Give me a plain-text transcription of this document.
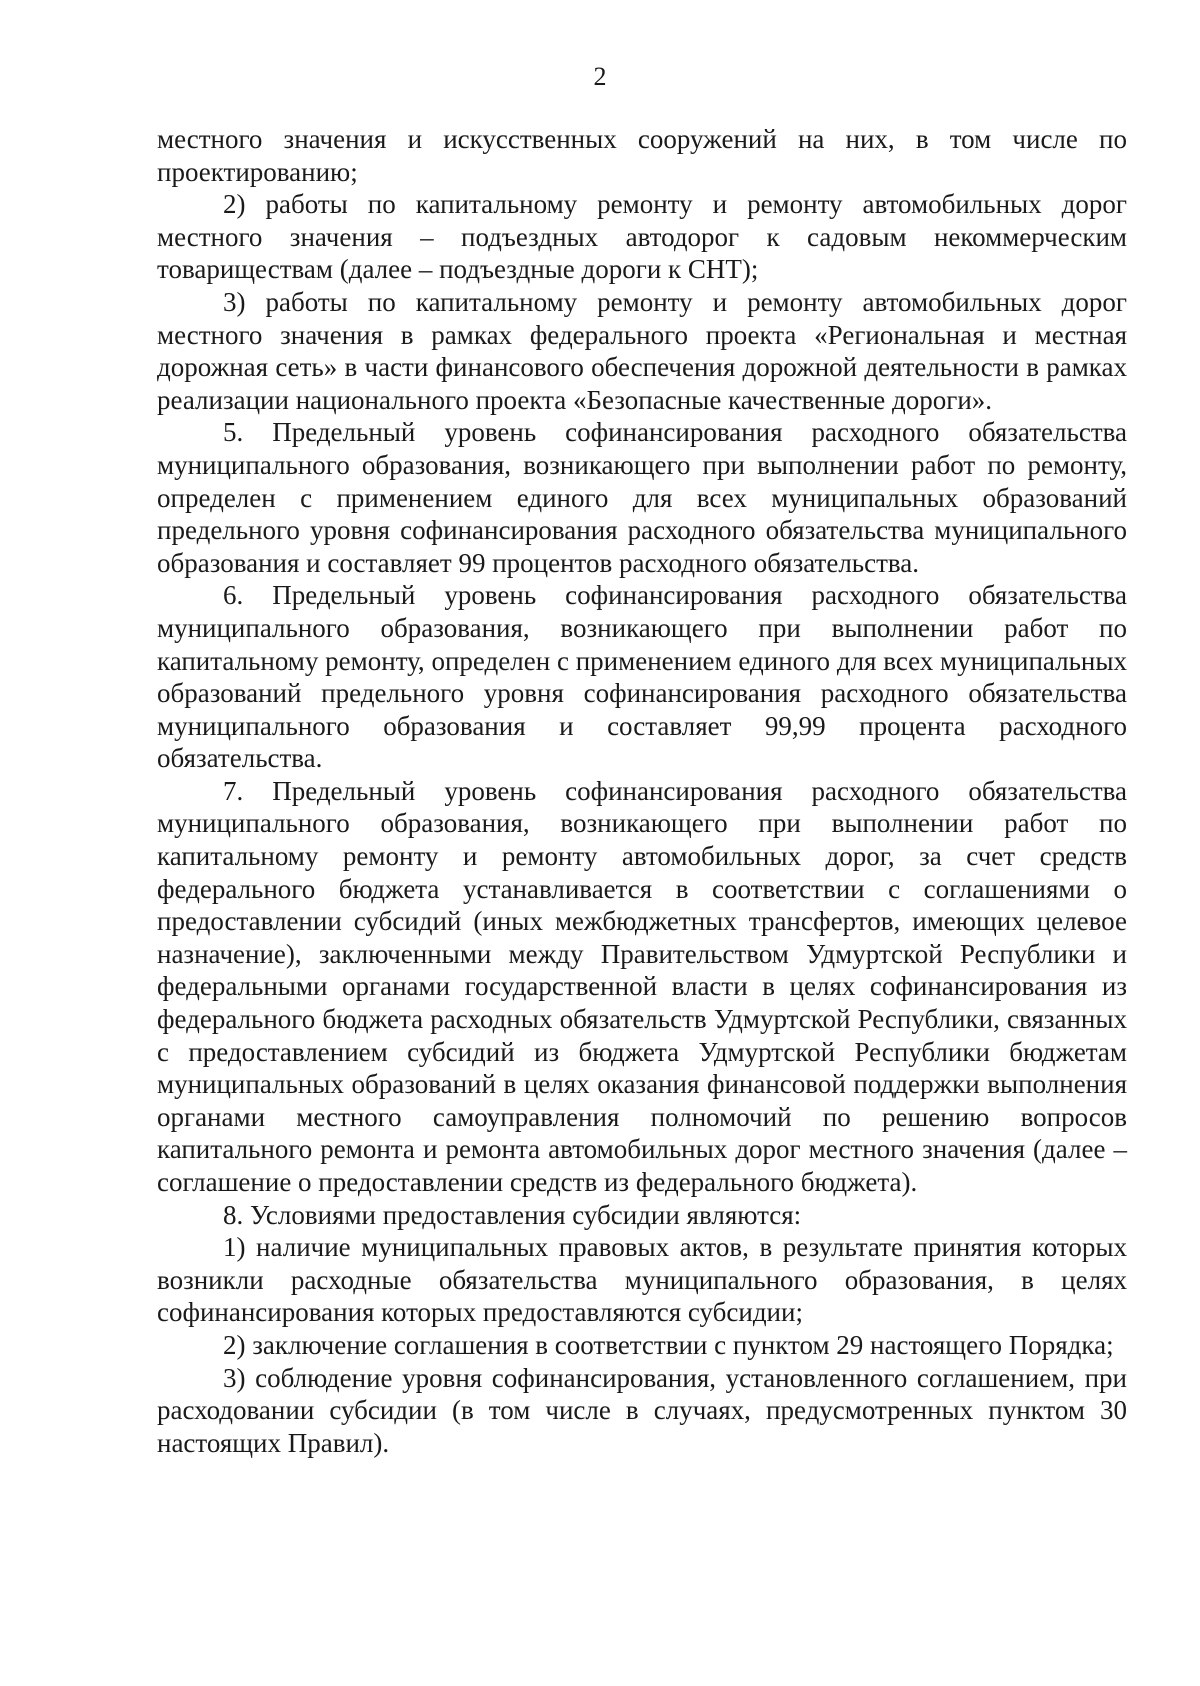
2

местного значения и искусственных сооружений на них, в том числе по проектированию;

2) работы по капитальному ремонту и ремонту автомобильных дорог местного значения – подъездных автодорог к садовым некоммерческим товариществам (далее – подъездные дороги к СНТ);

3) работы по капитальному ремонту и ремонту автомобильных дорог местного значения в рамках федерального проекта «Региональная и местная дорожная сеть» в части финансового обеспечения дорожной деятельности в рамках реализации национального проекта «Безопасные качественные дороги».

5. Предельный уровень софинансирования расходного обязательства муниципального образования, возникающего при выполнении работ по ремонту, определен с применением единого для всех муниципальных образований предельного уровня софинансирования расходного обязательства муниципального образования и составляет 99 процентов расходного обязательства.

6. Предельный уровень софинансирования расходного обязательства муниципального образования, возникающего при выполнении работ по капитальному ремонту, определен с применением единого для всех муниципальных образований предельного уровня софинансирования расходного обязательства муниципального образования и составляет 99,99 процента расходного обязательства.

7. Предельный уровень софинансирования расходного обязательства муниципального образования, возникающего при выполнении работ по капитальному ремонту и ремонту автомобильных дорог, за счет средств федерального бюджета устанавливается в соответствии с соглашениями о предоставлении субсидий (иных межбюджетных трансфертов, имеющих целевое назначение), заключенными между Правительством Удмуртской Республики и федеральными органами государственной власти в целях софинансирования из федерального бюджета расходных обязательств Удмуртской Республики, связанных с предоставлением субсидий из бюджета Удмуртской Республики бюджетам муниципальных образований в целях оказания финансовой поддержки выполнения органами местного самоуправления полномочий по решению вопросов капитального ремонта и ремонта автомобильных дорог местного значения (далее – соглашение о предоставлении средств из федерального бюджета).

8. Условиями предоставления субсидии являются:

1) наличие муниципальных правовых актов, в результате принятия которых возникли расходные обязательства муниципального образования, в целях софинансирования которых предоставляются субсидии;

2) заключение соглашения в соответствии с пунктом 29 настоящего Порядка;

3) соблюдение уровня софинансирования, установленного соглашением, при расходовании субсидии (в том числе в случаях, предусмотренных пунктом 30 настоящих Правил).
